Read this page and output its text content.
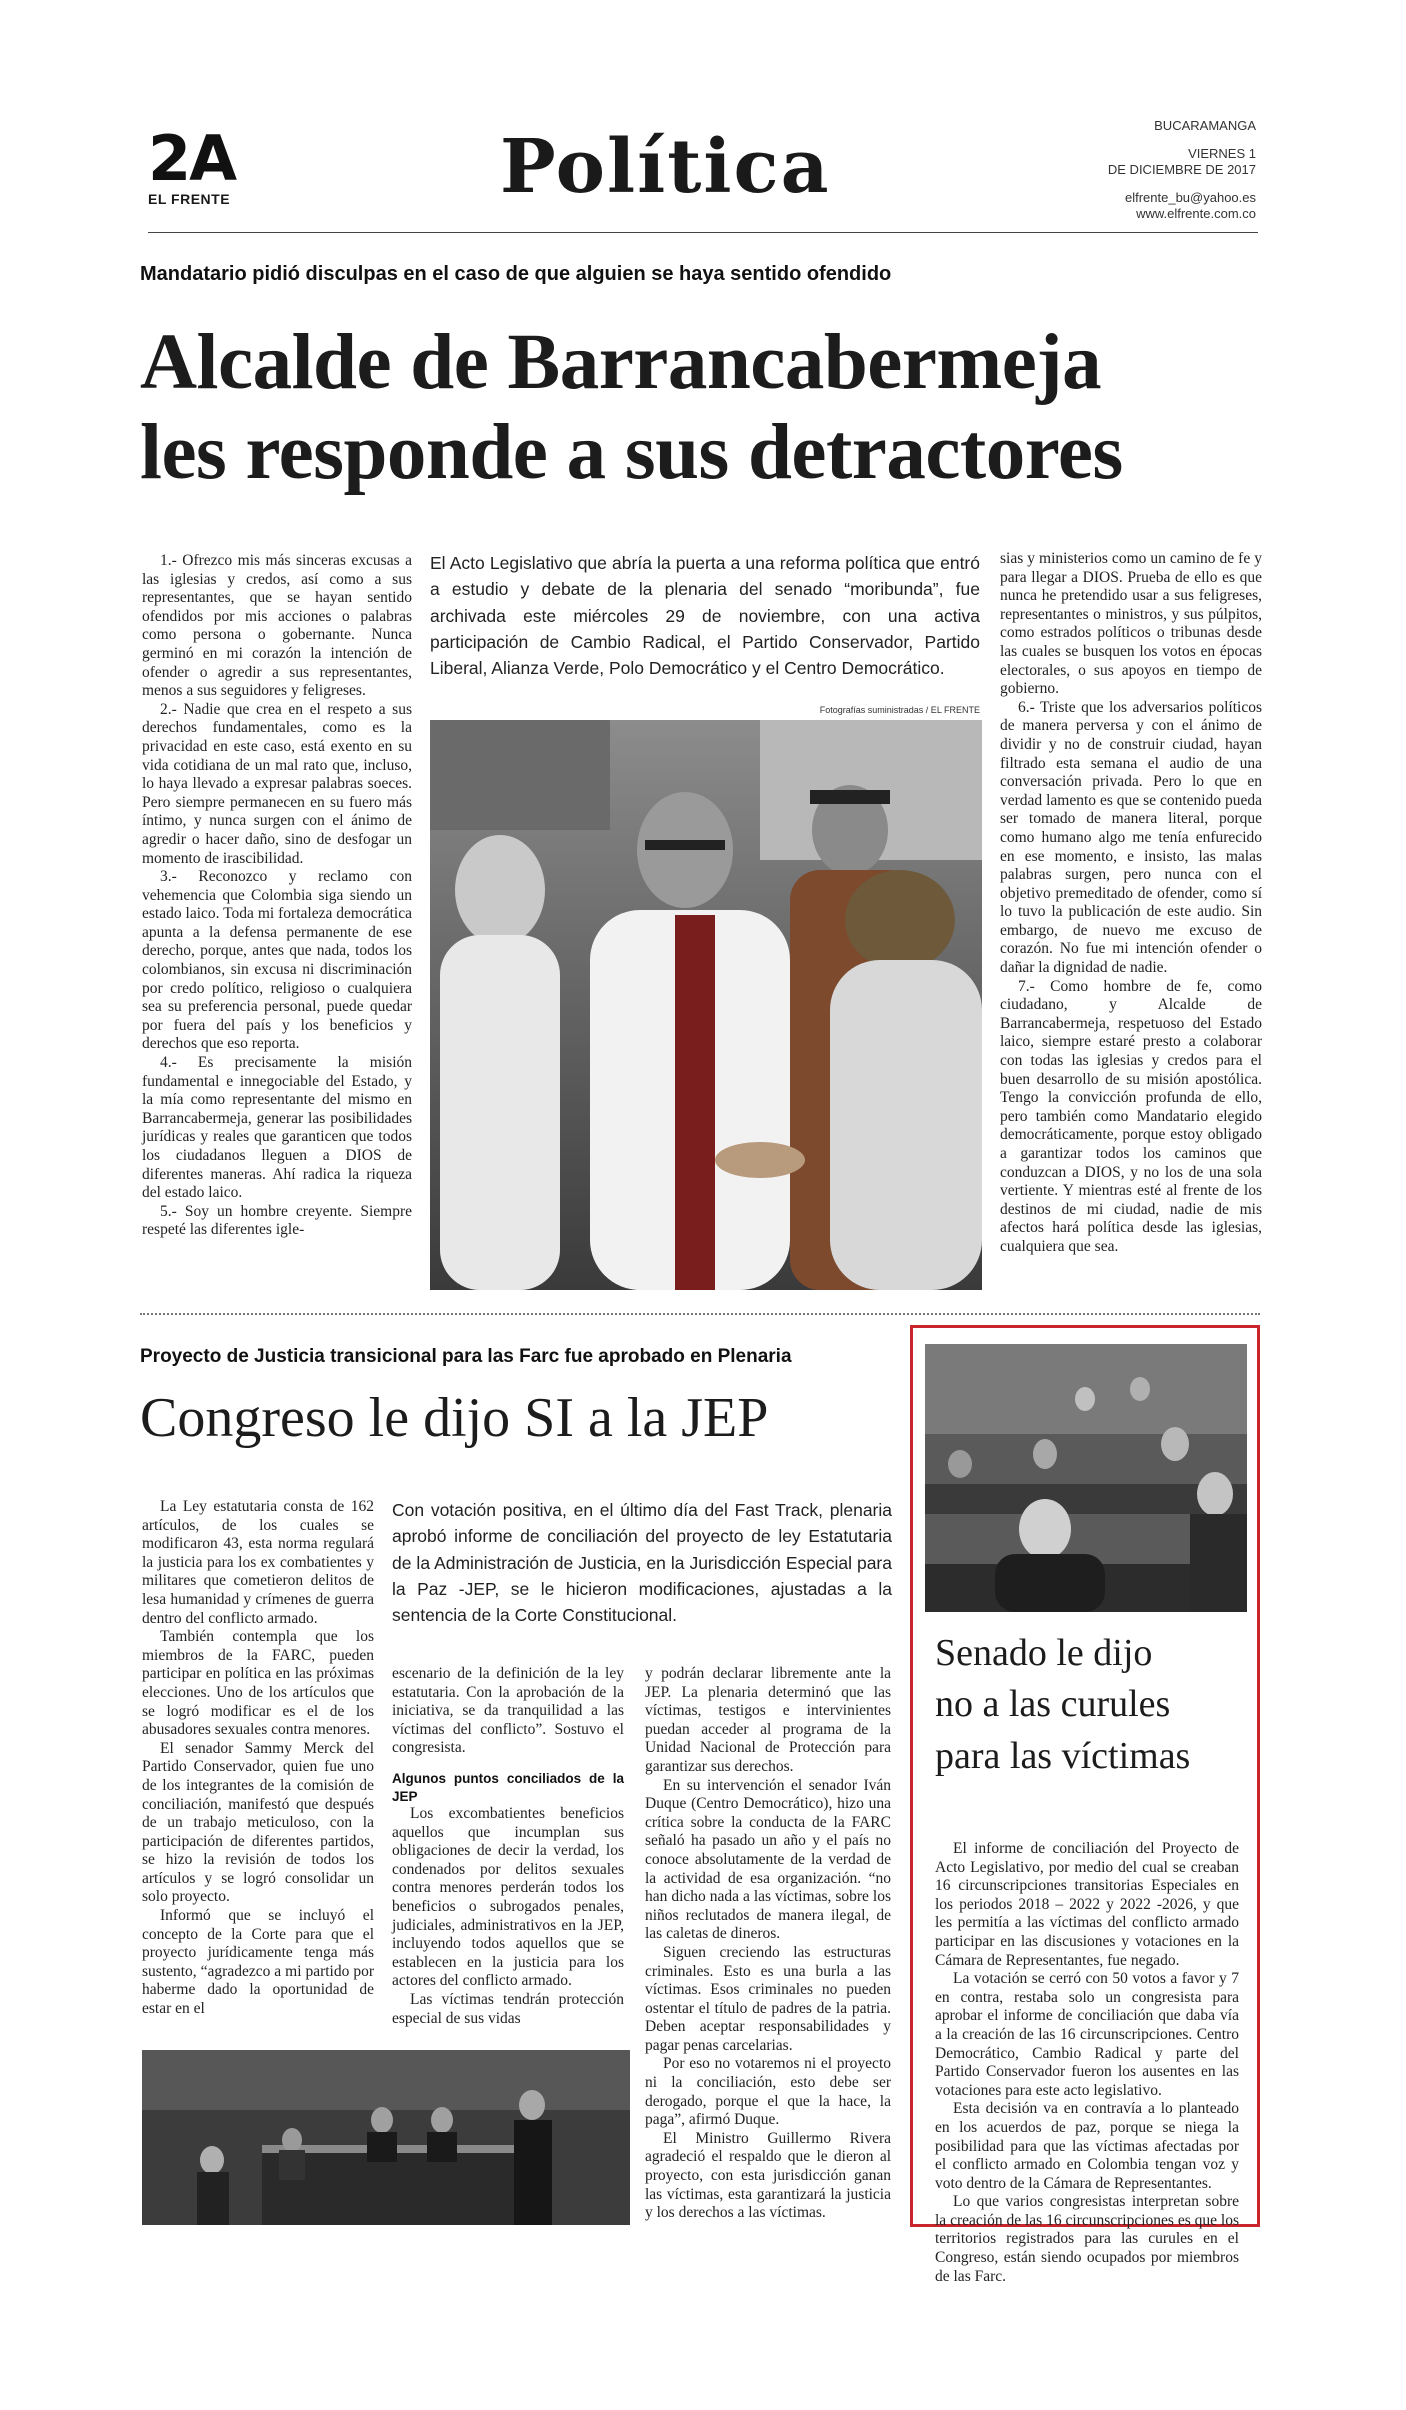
2A
EL FRENTE	Política	BUCARAMANGA
VIERNES 1
DE DICIEMBRE DE 2017
elfrente_bu@yahoo.es
www.elfrente.com.co
Mandatario pidió disculpas en el caso de que alguien se haya sentido ofendido
Alcalde de Barrancabermeja
les responde a sus detractores

1.- Ofrezco mis más sinceras excusas a las iglesias y credos, así como a sus representantes, que se hayan sentido ofendidos por mis acciones o palabras como persona o gobernante. Nunca germinó en mi corazón la intención de ofender o agredir a sus representantes, menos a sus seguidores y feligreses.

2.- Nadie que crea en el respeto a sus derechos fundamentales, como es la privacidad en este caso, está exento en su vida cotidiana de un mal rato que, incluso, lo haya llevado a expresar palabras soeces. Pero siempre permanecen en su fuero más íntimo, y nunca surgen con el ánimo de agredir o hacer daño, sino de desfogar un momento de irascibilidad.

3.- Reconozco y reclamo con vehemencia que Colombia siga siendo un estado laico. Toda mi fortaleza democrática apunta a la defensa permanente de ese derecho, porque, antes que nada, todos los colombianos, sin excusa ni discriminación por credo político, religioso o cualquiera sea su preferencia personal, puede quedar por fuera del país y los beneficios y derechos que eso reporta.

4.- Es precisamente la misión fundamental e innegociable del Estado, y la mía como representante del mismo en Barrancabermeja, generar las posibilidades jurídicas y reales que garanticen que todos los ciudadanos lleguen a DIOS de diferentes maneras. Ahí radica la riqueza del estado laico.

5.- Soy un hombre creyente. Siempre respeté las diferentes igle-

El Acto Legislativo que abría la puerta a una reforma política que entró a estudio y debate de la plenaria del senado “moribunda”, fue archivada este miércoles 29 de noviembre, con una activa participación de Cambio Radical, el Partido Conservador, Partido Liberal, Alianza Verde, Polo Democrático y el Centro Democrático.
Fotografías suministradas / EL FRENTE

sias y ministerios como un camino de fe y para llegar a DIOS. Prueba de ello es que nunca he pretendido usar a sus feligreses, representantes o ministros, y sus púlpitos, como estrados políticos o tribunas desde las cuales se busquen los votos en épocas electorales, o sus apoyos en tiempo de gobierno.

6.- Triste que los adversarios políticos de manera perversa y con el ánimo de dividir y no de construir ciudad, hayan filtrado esta semana el audio de una conversación privada. Pero lo que en verdad lamento es que se contenido pueda ser tomado de manera literal, porque como humano algo me tenía enfurecido en ese momento, e insisto, las malas palabras surgen, pero nunca con el objetivo premeditado de ofender, como sí lo tuvo la publicación de este audio. Sin embargo, de nuevo me excuso de corazón. No fue mi intención ofender o dañar la dignidad de nadie.

7.- Como hombre de fe, como ciudadano, y Alcalde de Barrancabermeja, respetuoso del Estado laico, siempre estaré presto a colaborar con todas las iglesias y credos para el buen desarrollo de su misión apostólica. Tengo la convicción profunda de ello, pero también como Mandatario elegido democráticamente, porque estoy obligado a garantizar todos los caminos que conduzcan a DIOS, y no los de una sola vertiente. Y mientras esté al frente de los destinos de mi ciudad, nadie de mis afectos hará política desde las iglesias, cualquiera que sea.

Proyecto de Justicia transicional para las Farc fue aprobado en Plenaria
Congreso le dijo SI a la JEP

La Ley estatutaria consta de 162 artículos, de los cuales se modificaron 43, esta norma regulará la justicia para los ex combatientes y militares que cometieron delitos de lesa humanidad y crímenes de guerra dentro del conflicto armado.

También contempla que los miembros de la FARC, pueden participar en política en las próximas elecciones. Uno de los artículos que se logró modificar es el de los abusadores sexuales contra menores.

El senador Sammy Merck del Partido Conservador, quien fue uno de los integrantes de la comisión de conciliación, manifestó que después de un trabajo meticuloso, con la participación de diferentes partidos, se hizo la revisión de todos los artículos y se logró consolidar un solo proyecto.

Informó que se incluyó el concepto de la Corte para que el proyecto jurídicamente tenga más sustento, “agradezco a mi partido por haberme dado la oportunidad de estar en el

Con votación positiva, en el último día del Fast Track, plenaria aprobó informe de conciliación del proyecto de ley Estatutaria de la Administración de Justicia, en la Jurisdicción Especial para la Paz -JEP, se le hicieron modificaciones, ajustadas a la sentencia de la Corte Constitucional.

escenario de la definición de la ley estatutaria. Con la aprobación de la iniciativa, se da tranquilidad a las víctimas del conflicto”. Sostuvo el congresista.

Algunos puntos conciliados de la JEP

Los excombatientes beneficios aquellos que incumplan sus obligaciones de decir la verdad, los condenados por delitos sexuales contra menores perderán todos los beneficios o subrogados penales, judiciales, administrativos en la JEP, incluyendo todos aquellos que se establecen en la justicia para los actores del conflicto armado.

Las víctimas tendrán protección especial de sus vidas

y podrán declarar libremente ante la JEP. La plenaria determinó que las víctimas, testigos e intervinientes puedan acceder al programa de la Unidad Nacional de Protección para garantizar sus derechos.

En su intervención el senador Iván Duque (Centro Democrático), hizo una crítica sobre la conducta de la FARC señaló ha pasado un año y el país no conoce absolutamente de la verdad de la actividad de esa organización. “no han dicho nada a las víctimas, sobre los niños reclutados de manera ilegal, de las caletas de dineros.

Siguen creciendo las estructuras criminales. Esto es una burla a las víctimas. Esos criminales no pueden ostentar el título de padres de la patria. Deben aceptar responsabilidades y pagar penas carcelarias.

Por eso no votaremos ni el proyecto ni la conciliación, esto debe ser derogado, porque el que la hace, la paga”, afirmó Duque.

El Ministro Guillermo Rivera agradeció el respaldo que le dieron al proyecto, con esta jurisdicción ganan las víctimas, esta garantizará la justicia y los derechos a las víctimas.

Senado le dijo
no a las curules
para las víctimas

El informe de conciliación del Proyecto de Acto Legislativo, por medio del cual se creaban 16 circunscripciones transitorias Especiales en los periodos 2018 – 2022 y 2022 -2026, y que les permitía a las víctimas del conflicto armado participar en las discusiones y votaciones en la Cámara de Representantes, fue negado.

La votación se cerró con 50 votos a favor y 7 en contra, restaba solo un congresista para aprobar el informe de conciliación que daba vía a la creación de las 16 circunscripciones. Centro Democrático, Cambio Radical y parte del Partido Conservador fueron los ausentes en las votaciones para este acto legislativo.

Esta decisión va en contravía a lo planteado en los acuerdos de paz, porque se niega la posibilidad para que las víctimas afectadas por el conflicto armado en Colombia tengan voz y voto dentro de la Cámara de Representantes.

Lo que varios congresistas interpretan sobre la creación de las 16 circunscripciones es que los territorios registrados para las curules en el Congreso, están siendo ocupados por miembros de las Farc.
